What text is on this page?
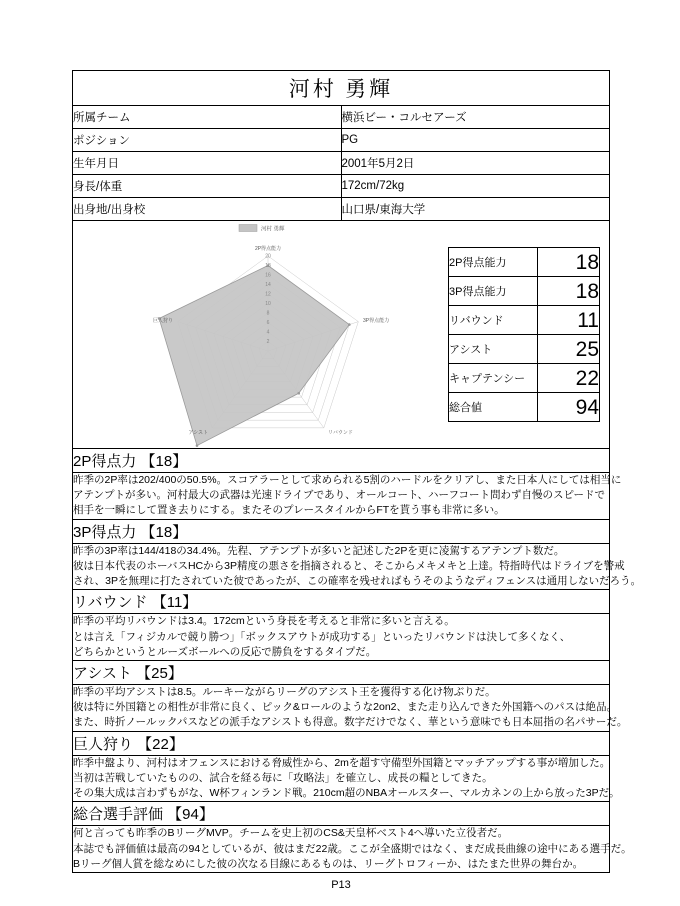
河村 勇輝
所属チーム	横浜ビー・コルセアーズ
ポジション	PG
生年月日	2001年5月2日
身長/体重	172cm/72kg
出身地/出身校	山口県/東海大学

河村 勇輝
20
18
16
14
12
10
8
6
4
2
2P得点能力
3P得点能力
リバウンド
アシスト
巨人狩り
2P得点能力	18
3P得点能力	18
リバウンド	11
アシスト	25
キャプテンシー	22
総合値	94

2P得点力 【18】

昨季の2P率は202/400の50.5%。スコアラーとして求められる5割のハードルをクリアし、また日本人にしては相当に
アテンプトが多い。河村最大の武器は光速ドライブであり、オールコート、ハーフコート問わず自慢のスピードで
相手を一瞬にして置き去りにする。またそのプレースタイルからFTを貰う事も非常に多い。

3P得点力 【18】

昨季の3P率は144/418の34.4%。先程、アテンプトが多いと記述した2Pを更に凌駕するアテンプト数だ。
彼は日本代表のホーバスHCから3P精度の悪さを指摘されると、そこからメキメキと上達。特指時代はドライブを警戒
され、3Pを無理に打たされていた彼であったが、この確率を残せればもうそのようなディフェンスは通用しないだろう。

リバウンド 【11】

昨季の平均リバウンドは3.4。172cmという身長を考えると非常に多いと言える。
とは言え「フィジカルで競り勝つ」「ボックスアウトが成功する」といったリバウンドは決して多くなく、
どちらかというとルーズボールへの反応で勝負をするタイプだ。

アシスト 【25】

昨季の平均アシストは8.5。ルーキーながらリーグのアシスト王を獲得する化け物ぶりだ。
彼は特に外国籍との相性が非常に良く、ピック&ロールのような2on2、また走り込んできた外国籍へのパスは絶品。
また、時折ノールックパスなどの派手なアシストも得意。数字だけでなく、華という意味でも日本屈指の名パサーだ。

巨人狩り 【22】

昨季中盤より、河村はオフェンスにおける脅威性から、2mを超す守備型外国籍とマッチアップする事が増加した。
当初は苦戦していたものの、試合を経る毎に「攻略法」を確立し、成長の糧としてきた。
その集大成は言わずもがな、W杯フィンランド戦。210cm超のNBAオールスター、マルカネンの上から放った3Pだ。

総合選手評価 【94】

何と言っても昨季のBリーグMVP。チームを史上初のCS&天皇杯ベスト4へ導いた立役者だ。
本誌でも評価値は最高の94としているが、彼はまだ22歳。ここが全盛期ではなく、まだ成長曲線の途中にある選手だ。
Bリーグ個人賞を総なめにした彼の次なる目線にあるものは、リーグトロフィーか、はたまた世界の舞台か。
P13
